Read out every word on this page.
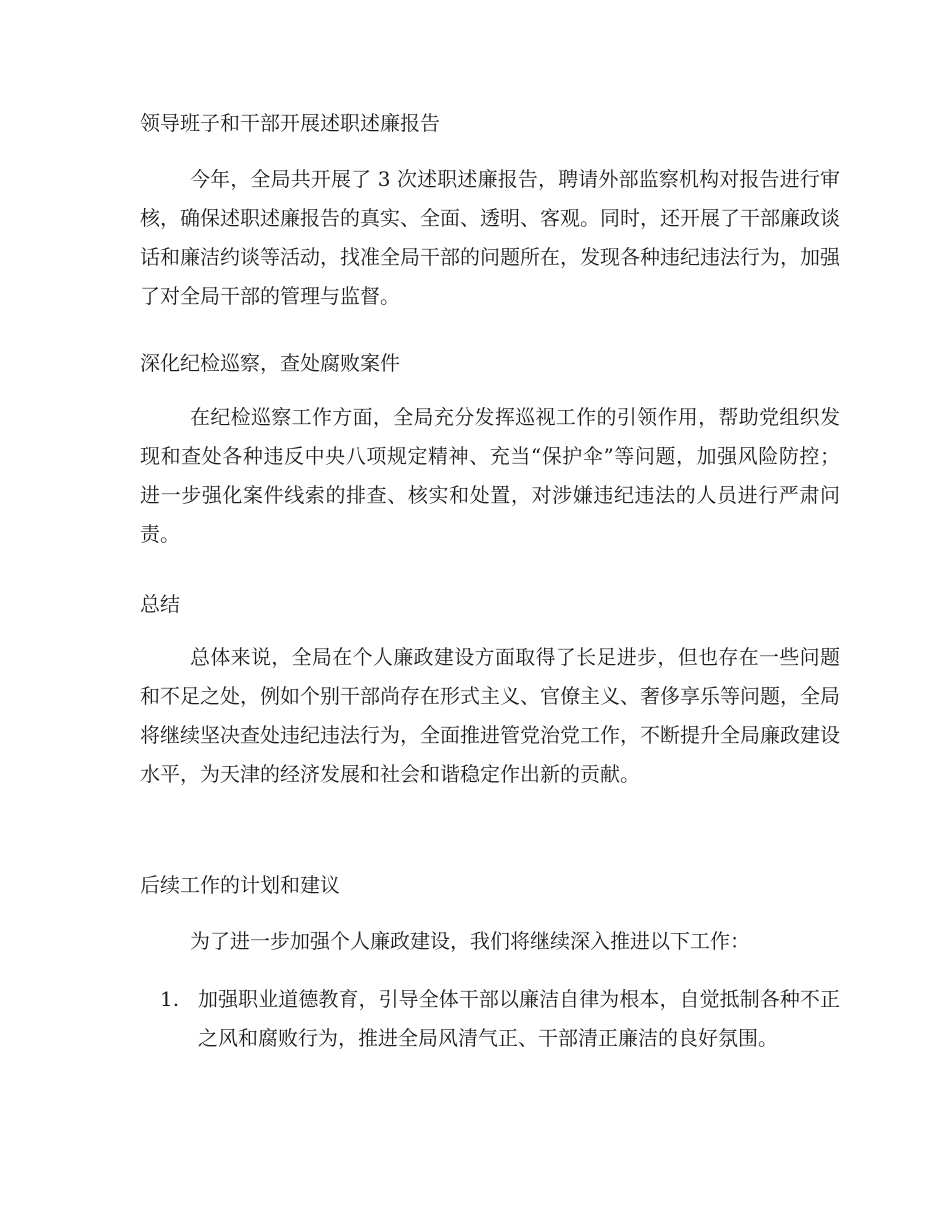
领导班子和干部开展述职述廉报告
今年，全局共开展了 3 次述职述廉报告，聘请外部监察机构对报告进行审核，确保述职述廉报告的真实、全面、透明、客观。同时，还开展了干部廉政谈话和廉洁约谈等活动，找准全局干部的问题所在，发现各种违纪违法行为，加强了对全局干部的管理与监督。
深化纪检巡察，查处腐败案件
在纪检巡察工作方面，全局充分发挥巡视工作的引领作用，帮助党组织发现和查处各种违反中央八项规定精神、充当“保护伞”等问题，加强风险防控；进一步强化案件线索的排查、核实和处置，对涉嫌违纪违法的人员进行严肃问责。
总结
总体来说，全局在个人廉政建设方面取得了长足进步，但也存在一些问题和不足之处，例如个别干部尚存在形式主义、官僚主义、奢侈享乐等问题，全局将继续坚决查处违纪违法行为，全面推进管党治党工作，不断提升全局廉政建设水平，为天津的经济发展和社会和谐稳定作出新的贡献。
后续工作的计划和建议
为了进一步加强个人廉政建设，我们将继续深入推进以下工作：
1. 加强职业道德教育，引导全体干部以廉洁自律为根本，自觉抵制各种不正之风和腐败行为，推进全局风清气正、干部清正廉洁的良好氛围。
